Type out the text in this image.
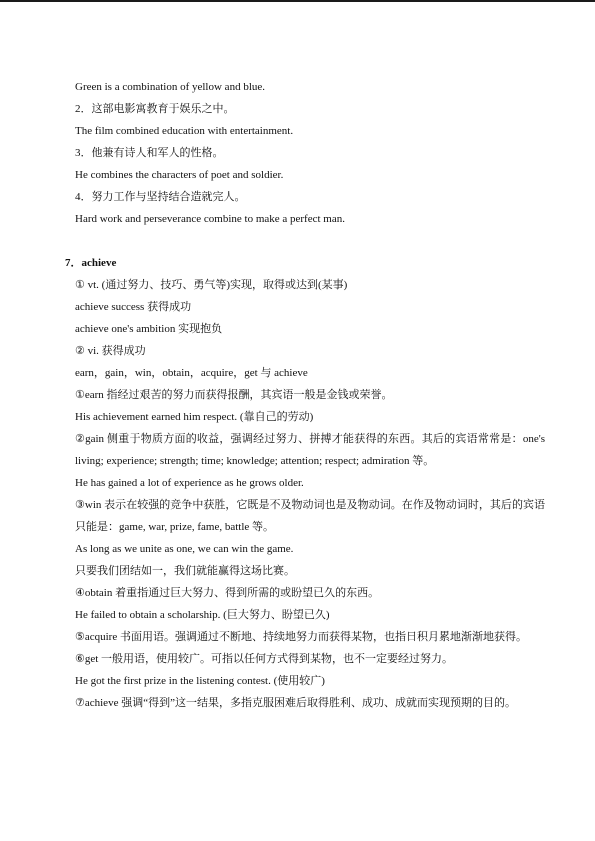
Green is a combination of yellow and blue.
2．这部电影寓教育于娱乐之中。
The film combined education with entertainment.
3．他兼有诗人和军人的性格。
He combines the characters of poet and soldier.
4．努力工作与坚持结合造就完人。
Hard work and perseverance combine to make a perfect man.
7．achieve
① vt. (通过努力、技巧、勇气等)实现，取得或达到(某事)
achieve success 获得成功
achieve one's ambition 实现抱负
② vi. 获得成功
earn，gain，win，obtain，acquire，get 与 achieve
①earn 指经过艰苦的努力而获得报酬，其宾语一般是金钱或荣誉。
His achievement earned him respect. (靠自己的劳动)
②gain 侧重于物质方面的收益，强调经过努力、拼搏才能获得的东西。其后的宾语常常是：one's living; experience; strength; time; knowledge; attention; respect; admiration 等。
He has gained a lot of experience as he grows older.
③win 表示在较强的竞争中获胜，它既是不及物动词也是及物动词。在作及物动词时，其后的宾语只能是：game, war, prize, fame, battle 等。
As long as we unite as one, we can win the game.
只要我们团结如一，我们就能赢得这场比赛。
④obtain 着重指通过巨大努力、得到所需的或盼望已久的东西。
He failed to obtain a scholarship. (巨大努力、盼望已久)
⑤acquire 书面用语。强调通过不断地、持续地努力而获得某物，也指日积月累地渐渐地获得。
⑥get 一般用语，使用较广。可指以任何方式得到某物，也不一定要经过努力。
He got the first prize in the listening contest. (使用较广)
⑦achieve 强调“得到”这一结果，多指克服困难后取得胜利、成功、成就而实现预期的目的。
